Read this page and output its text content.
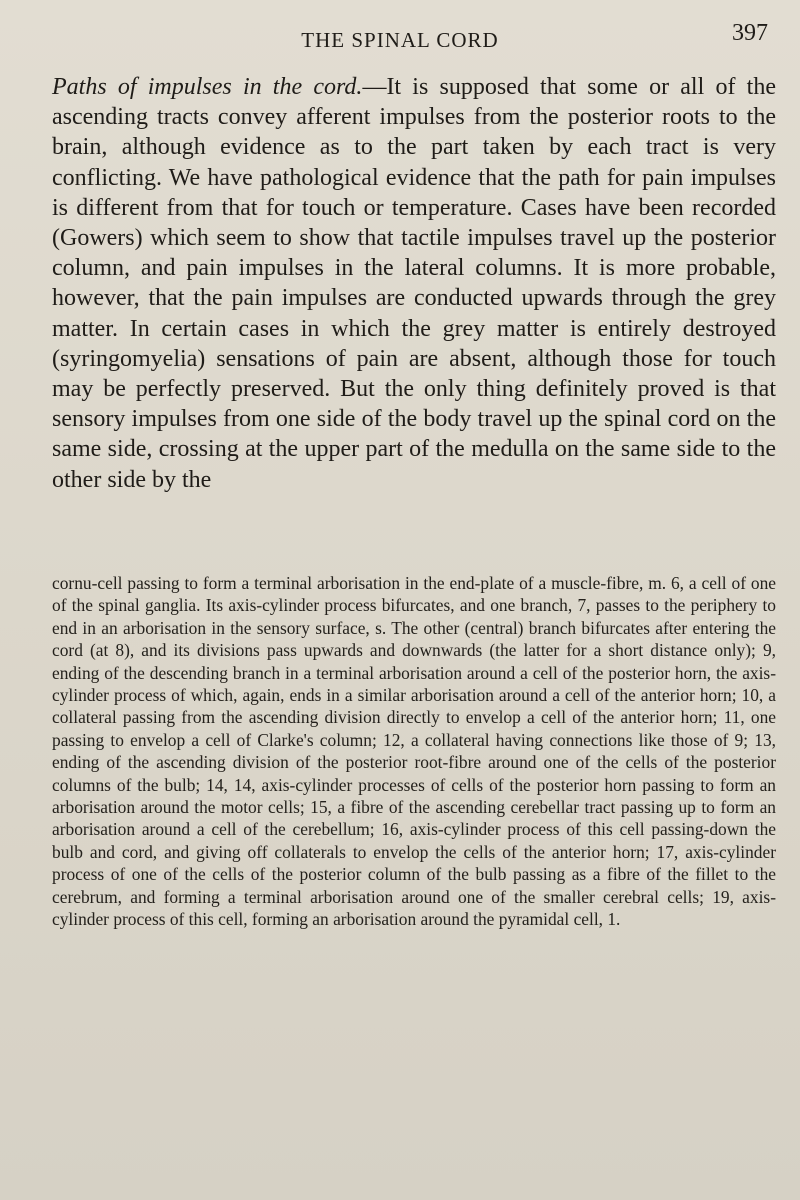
THE SPINAL CORD	397

Paths of impulses in the cord.—It is supposed that some or all of the ascending tracts convey afferent impulses from the posterior roots to the brain, although evidence as to the part taken by each tract is very conflicting. We have pathological evidence that the path for pain impulses is different from that for touch or temperature. Cases have been recorded (Gowers) which seem to show that tactile impulses travel up the posterior column, and pain impulses in the lateral columns. It is more probable, however, that the pain impulses are conducted upwards through the grey matter. In certain cases in which the grey matter is entirely destroyed (syringomyelia) sensations of pain are absent, although those for touch may be perfectly preserved. But the only thing definitely proved is that sensory impulses from one side of the body travel up the spinal cord on the same side, crossing at the upper part of the medulla on the same side to the other side by the

cornu-cell passing to form a terminal arborisation in the end-plate of a muscle-fibre, m. 6, a cell of one of the spinal ganglia. Its axis-cylinder process bifurcates, and one branch, 7, passes to the periphery to end in an arborisation in the sensory surface, s. The other (central) branch bifurcates after entering the cord (at 8), and its divisions pass upwards and downwards (the latter for a short distance only); 9, ending of the descending branch in a terminal arborisation around a cell of the posterior horn, the axis-cylinder process of which, again, ends in a similar arborisation around a cell of the anterior horn; 10, a collateral passing from the ascending division directly to envelop a cell of the anterior horn; 11, one passing to envelop a cell of Clarke's column; 12, a collateral having connections like those of 9; 13, ending of the ascending division of the posterior root-fibre around one of the cells of the posterior columns of the bulb; 14, 14, axis-cylinder processes of cells of the posterior horn passing to form an arborisation around the motor cells; 15, a fibre of the ascending cerebellar tract passing up to form an arborisation around a cell of the cerebellum; 16, axis-cylinder process of this cell passing-down the bulb and cord, and giving off collaterals to envelop the cells of the anterior horn; 17, axis-cylinder process of one of the cells of the posterior column of the bulb passing as a fibre of the fillet to the cerebrum, and forming a terminal arborisation around one of the smaller cerebral cells; 19, axis-cylinder process of this cell, forming an arborisation around the pyramidal cell, 1.
